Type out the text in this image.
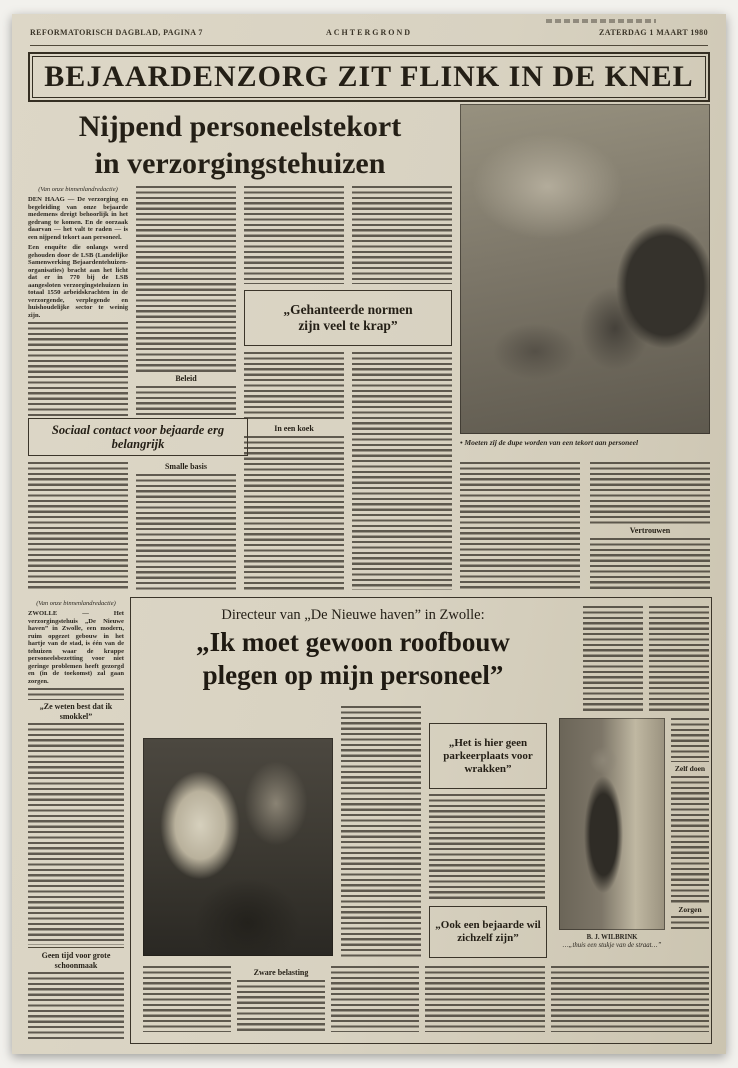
REFORMATORISCH DAGBLAD, PAGINA 7	ACHTERGROND	ZATERDAG 1 MAART 1980
BEJAARDENZORG ZIT FLINK IN DE KNEL
Nijpend personeelstekort
in verzorgingstehuizen
• Moeten zij de dupe worden van een tekort aan personeel
(Van onze binnenlandredactie)

DEN HAAG — De verzorging en begeleiding van onze bejaarde medemens dreigt behoorlijk in het gedrang te komen. En de oorzaak daarvan — het valt te raden — is een nijpend tekort aan personeel.

Een enquête die onlangs werd gehouden door de LSB (Landelijke Samenwerking Bejaardentehuizen-organisaties) bracht aan het licht dat er in 770 bij de LSB aangesloten verzorgingstehuizen in totaal 1550 arbeidskrachten in de verzorgende, verplegende en huishoudelijke sector te weinig zijn.

Beleid
„Gehanteerde normen
zijn veel te krap”
In een koek
Sociaal contact voor bejaarde erg belangrijk
Smalle basis
Vertrouwen
(Van onze binnenlandredactie)

ZWOLLE — Het verzorgingstehuis „De Nieuwe haven” in Zwolle, een modern, ruim opgezet gebouw in het hartje van de stad, is één van de tehuizen waar de krappe personeelsbezetting voor niet geringe problemen heeft gezorgd en (in de toekomst) zal gaan zorgen.

„Ze weten best dat ik smokkel”
Geen tijd voor grote schoonmaak
Directeur van „De Nieuwe haven” in Zwolle:
„Ik moet gewoon roofbouw
plegen op mijn personeel”
„Het is hier geen parkeerplaats voor wrakken”
„Ook een bejaarde wil zichzelf zijn”	B. J. WILBRINK
…„thuis een stukje van de straat…”
Zelf doen
Zorgen
Zware belasting
